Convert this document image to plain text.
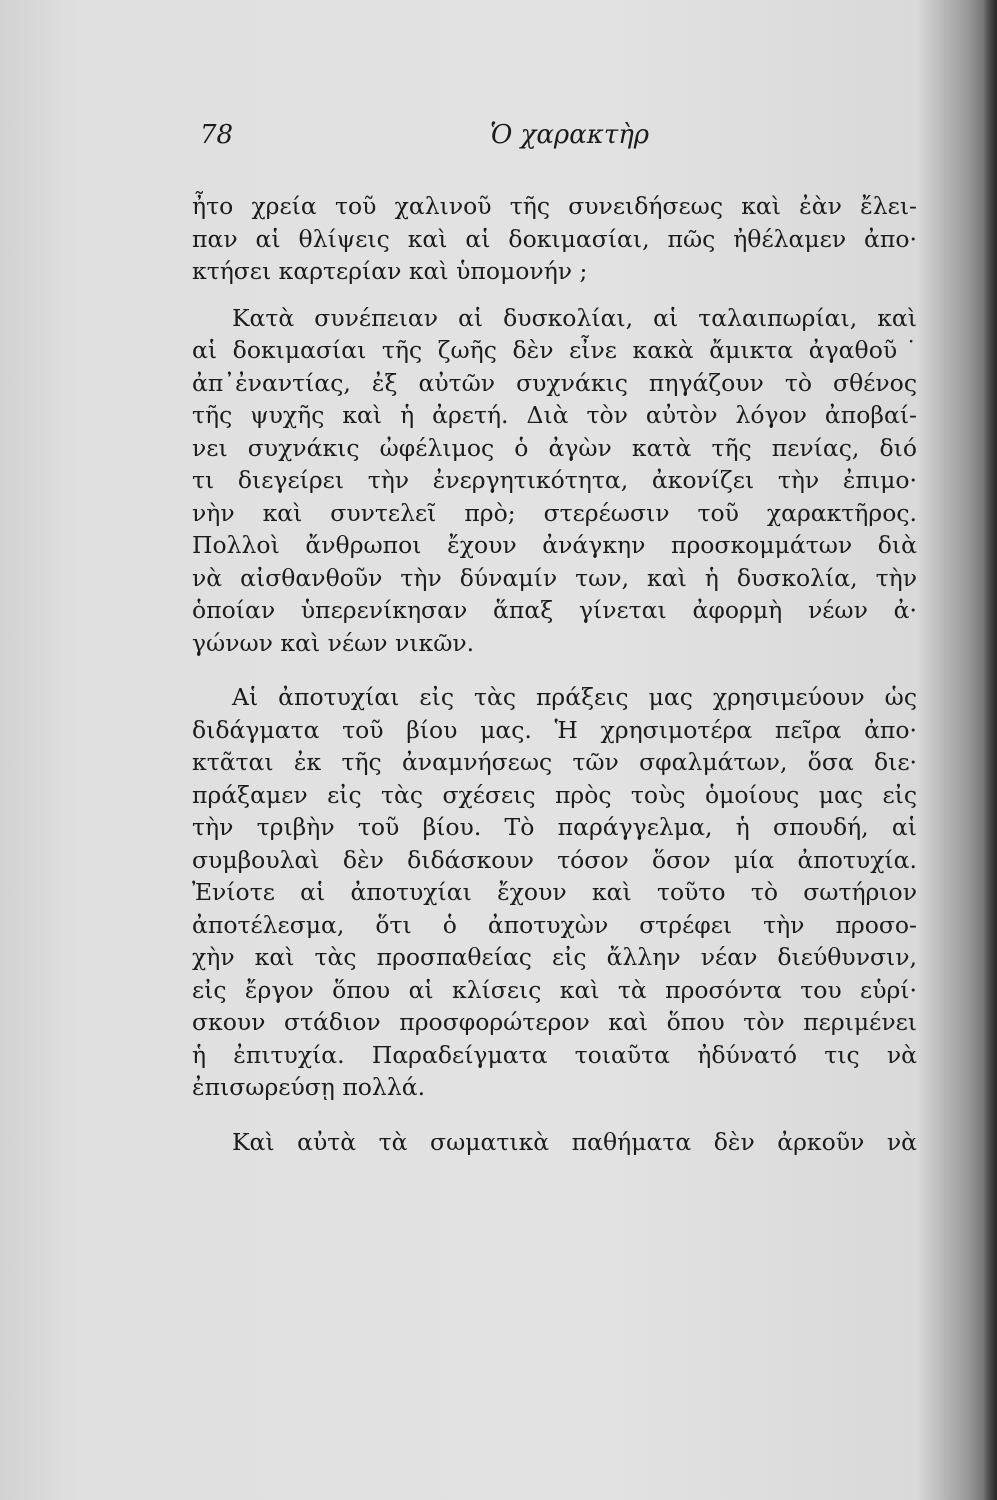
78	Ὁ χαρακτὴρ
ἦτο χρεία τοῦ χαλινοῦ τῆς συνειδήσεως καὶ ἐὰν ἔλει-
παν αἱ θλίψεις καὶ αἱ δοκιμασίαι, πῶς ἠθέλαμεν ἀπο·
κτήσει καρτερίαν καὶ ὑπομονήν ;
Κατὰ συνέπειαν αἱ δυσκολίαι, αἱ ταλαιπωρίαι, καὶ
αἱ δοκιμασίαι τῆς ζωῆς δὲν εἶνε κακὰ ἄμικτα ἀγαθοῦ˙
ἀπ᾽ἐναντίας, ἐξ αὐτῶν συχνάκις πηγάζουν τὸ σθένος
τῆς ψυχῆς καὶ ἡ ἀρετή. Διὰ τὸν αὐτὸν λόγον ἀποβαί-
νει συχνάκις ὠφέλιμος ὁ ἀγὼν κατὰ τῆς πενίας, διό
τι διεγείρει τὴν ἐνεργητικότητα, ἀκονίζει τὴν ἐπιμο·
νὴν καὶ συντελεῖ πρὸ; στερέωσιν τοῦ χαρακτῆρος.
Πολλοὶ ἄνθρωποι ἔχουν ἀνάγκην προσκομμάτων διὰ
νὰ αἰσθανθοῦν τὴν δύναμίν των, καὶ ἡ δυσκολία, τὴν
ὁποίαν ὑπερενίκησαν ἅπαξ γίνεται ἀφορμὴ νέων ἀ·
γώνων καὶ νέων νικῶν.
Αἱ ἀποτυχίαι εἰς τὰς πράξεις μας χρησιμεύουν ὡς
διδάγματα τοῦ βίου μας. Ἡ χρησιμοτέρα πεῖρα ἀπο·
κτᾶται ἐκ τῆς ἀναμνήσεως τῶν σφαλμάτων, ὅσα διε·
πράξαμεν εἰς τὰς σχέσεις πρὸς τοὺς ὁμοίους μας εἰς
τὴν τριβὴν τοῦ βίου. Τὸ παράγγελμα, ἡ σπουδή, αἱ
συμβουλαὶ δὲν διδάσκουν τόσον ὅσον μία ἀποτυχία.
Ἐνίοτε αἱ ἀποτυχίαι ἔχουν καὶ τοῦτο τὸ σωτήριον
ἀποτέλεσμα, ὅτι ὁ ἀποτυχὼν στρέφει τὴν προσο-
χὴν καὶ τὰς προσπαθείας εἰς ἄλλην νέαν διεύθυνσιν,
εἰς ἔργον ὅπου αἱ κλίσεις καὶ τὰ προσόντα του εὑρί·
σκουν στάδιον προσφορώτερον καὶ ὅπου τὸν περιμένει
ἡ ἐπιτυχία. Παραδείγματα τοιαῦτα ἠδύνατό τις νὰ
ἐπισωρεύσῃ πολλά.
Καὶ αὐτὰ τὰ σωματικὰ παθήματα δὲν ἀρκοῦν νὰ
